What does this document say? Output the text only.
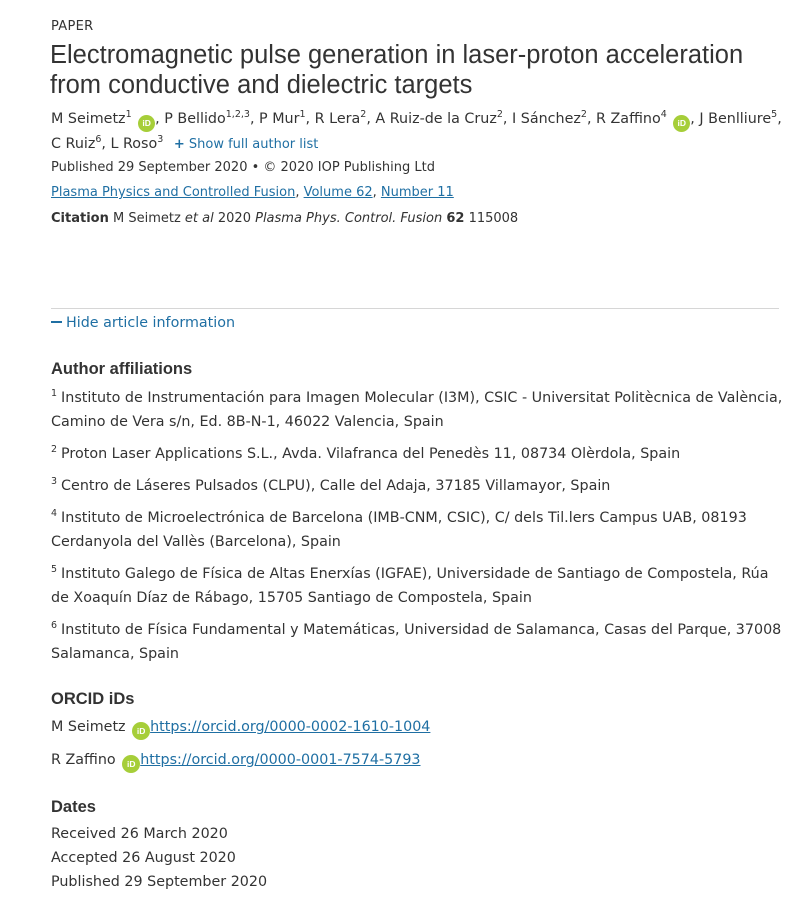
PAPER
Electromagnetic pulse generation in laser-proton acceleration from conductive and dielectric targets
M Seimetz$^1$ iD , P Bellido$^{1,2,3}$, P Mur$^1$, R Lera$^2$, A Ruiz-de la Cruz$^2$, I Sánchez$^2$, R Zaffino$^4$ iD , J Benlliure$^5$, C Ruiz$^6$, L Roso$^3$ + Show full author list
Published 29 September 2020 • © 2020 IOP Publishing Ltd
Plasma Physics and Controlled Fusion, Volume 62, Number 11
Citation M Seimetz et al 2020 Plasma Phys. Control. Fusion 62 115008
Hide article information
Author affiliations
$^1$ Instituto de Instrumentación para Imagen Molecular (I3M), CSIC - Universitat Politècnica de València, Camino de Vera s/n, Ed. 8B-N-1, 46022 Valencia, Spain
$^2$ Proton Laser Applications S.L., Avda. Vilafranca del Penedès 11, 08734 Olèrdola, Spain
$^3$ Centro de Láseres Pulsados (CLPU), Calle del Adaja, 37185 Villamayor, Spain
$^4$ Instituto de Microelectrónica de Barcelona (IMB-CNM, CSIC), C/ dels Til.lers Campus UAB, 08193 Cerdanyola del Vallès (Barcelona), Spain
$^5$ Instituto Galego de Física de Altas Enerxías (IGFAE), Universidade de Santiago de Compostela, Rúa de Xoaquín Díaz de Rábago, 15705 Santiago de Compostela, Spain
$^6$ Instituto de Física Fundamental y Matemáticas, Universidad de Salamanca, Casas del Parque, 37008 Salamanca, Spain
ORCID iDs
M Seimetz iD https://orcid.org/0000-0002-1610-1004
R Zaffino iD https://orcid.org/0000-0001-7574-5793
Dates
Received 26 March 2020
Accepted 26 August 2020
Published 29 September 2020
